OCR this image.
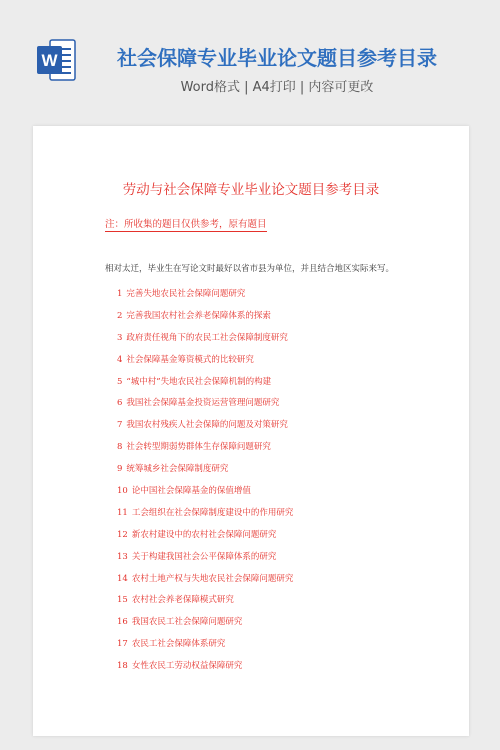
W	社会保障专业毕业论文题目参考目录
Word格式 | A4打印 | 内容可更改
劳动与社会保障专业毕业论文题目参考目录
注：所收集的题目仅供参考，原有题目
相对太迁，毕业生在写论文时最好以省市县为单位，并且结合地区实际来写。
1 完善失地农民社会保障问题研究
2 完善我国农村社会养老保障体系的探索
3 政府责任视角下的农民工社会保障制度研究
4 社会保障基金筹资模式的比较研究
5 “城中村”失地农民社会保障机制的构建
6 我国社会保障基金投资运营管理问题研究
7 我国农村残疾人社会保障的问题及对策研究
8 社会转型期弱势群体生存保障问题研究
9 统筹城乡社会保障制度研究
10 论中国社会保障基金的保值增值
11 工会组织在社会保障制度建设中的作用研究
12 新农村建设中的农村社会保障问题研究
13 关于构建我国社会公平保障体系的研究
14 农村土地产权与失地农民社会保障问题研究
15 农村社会养老保障模式研究
16 我国农民工社会保障问题研究
17 农民工社会保障体系研究
18 女性农民工劳动权益保障研究
